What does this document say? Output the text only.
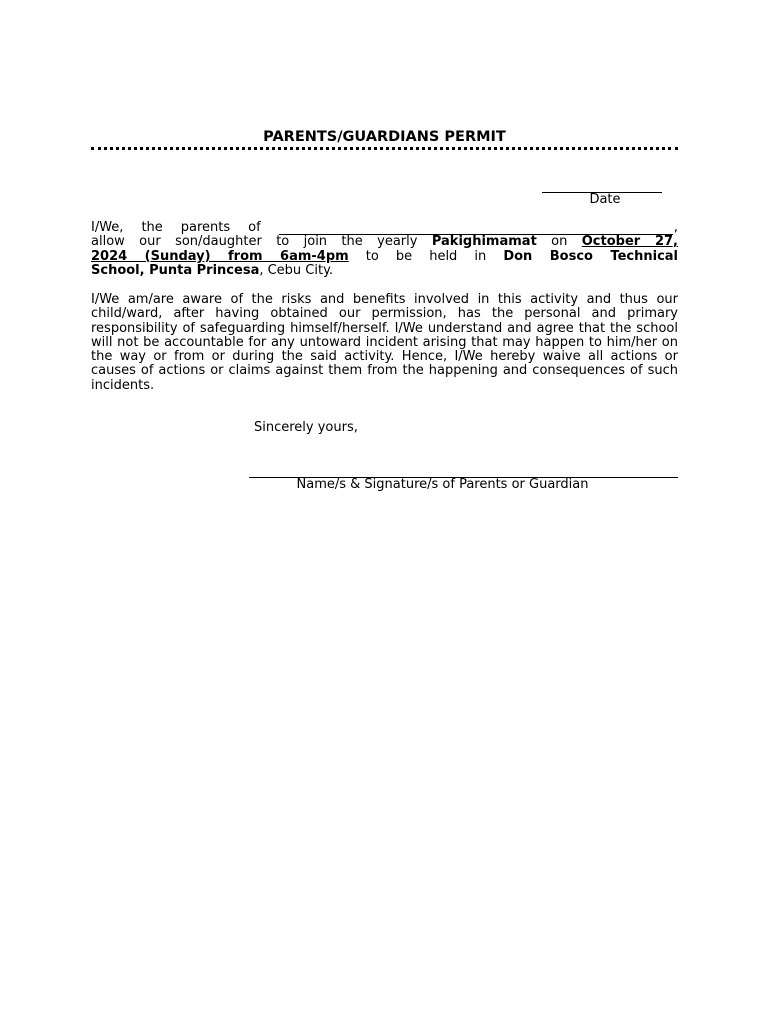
PARENTS/GUARDIANS PERMIT
Date
I/We, the parents of	,
allow our son/daughter to join the yearly Pakighimamat on October 27,
2024 (Sunday) from 6am-4pm to be held in Don Bosco Technical
School, Punta Princesa, Cebu City.
I/We am/are aware of the risks and benefits involved in this activity and thus our child/ward, after having obtained our permission, has the personal and primary responsibility of safeguarding himself/herself. I/We understand and agree that the school will not be accountable for any untoward incident arising that may happen to him/her on the way or from or during the said activity. Hence, I/We hereby waive all actions or causes of actions or claims against them from the happening and consequences of such incidents.
Sincerely yours,
Name/s & Signature/s of Parents or Guardian
